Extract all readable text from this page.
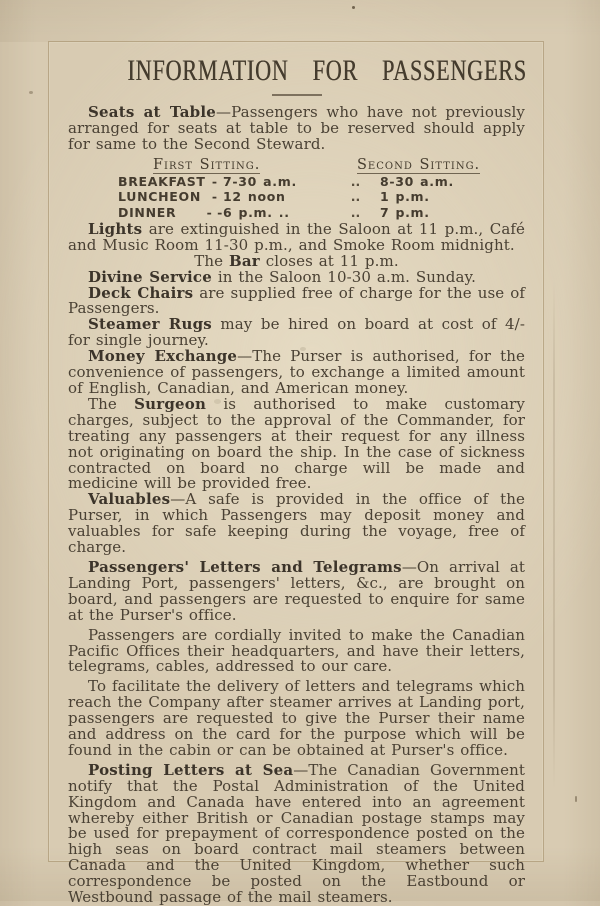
INFORMATION FOR PASSENGERS

Seats at Table—Passengers who have not previously arranged for seats at table to be reserved should apply for same to the Second Steward.

First Sitting.	Second Sitting.
BREAKFAST - 7-30 a.m.	..	8-30 a.m.
LUNCHEON - 12 noon	..	1 p.m.
DINNER	- - 6 p.m. ..	..	7 p.m.

Lights are extinguished in the Saloon at 11 p.m., Café and Music Room 11-30 p.m., and Smoke Room midnight.

The Bar closes at 11 p.m.

Divine Service in the Saloon 10-30 a.m. Sunday.

Deck Chairs are supplied free of charge for the use of Passengers.

Steamer Rugs may be hired on board at cost of 4/- for single journey.

Money Exchange—The Purser is authorised, for the convenience of passengers, to exchange a limited amount of English, Canadian, and American money.

The Surgeon is authorised to make customary charges, subject to the approval of the Commander, for treating any passengers at their request for any illness not originating on board the ship. In the case of sickness contracted on board no charge will be made and medicine will be provided free.

Valuables—A safe is provided in the office of the Purser, in which Passengers may deposit money and valuables for safe keeping during the voyage, free of charge.

Passengers' Letters and Telegrams—On arrival at Landing Port, passengers' letters, &c., are brought on board, and passengers are requested to enquire for same at the Purser's office.

Passengers are cordially invited to make the Canadian Pacific Offices their headquarters, and have their letters, telegrams, cables, addressed to our care.

To facilitate the delivery of letters and telegrams which reach the Company after steamer arrives at Landing port, passengers are requested to give the Purser their name and address on the card for the purpose which will be found in the cabin or can be obtained at Purser's office.

Posting Letters at Sea—The Canadian Government notify that the Postal Administration of the United Kingdom and Canada have entered into an agreement whereby either British or Canadian postage stamps may be used for prepayment of correspondence posted on the high seas on board contract mail steamers between Canada and the United Kingdom, whether such correspondence be posted on the Eastbound or Westbound passage of the mail steamers.
